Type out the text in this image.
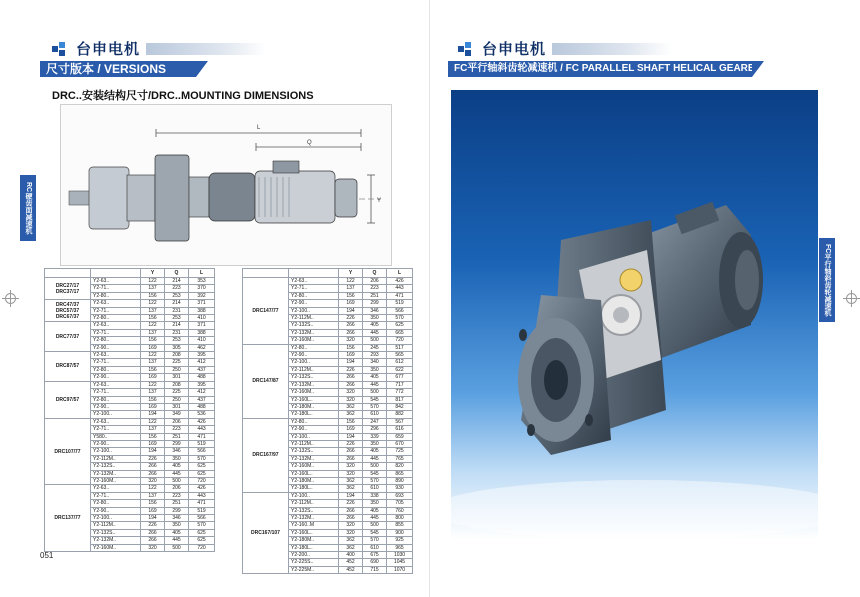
台申电机
尺寸版本 / VERSIONS
DRC..安装结构尺寸/DRC..MOUNTING DIMENSIONS
L
Q
Y
RC硬齿面减速机
		Y	Q	L
DRC27/17
DRC37/17	Y2-63..	122	214	353
	Y2-71..	137	223	370
	Y2-80..	156	253	392
DRC47/37
DRC57/37
DRC67/37	Y2-63..	122	214	371
	Y2-71..	137	231	388
	Y2-80..	156	253	410
DRC77/37	Y2-63..	122	214	371
	Y2-71..	137	231	388
	Y2-80..	156	253	410
	Y2-90..	169	305	462
DRC87/57	Y2-63..	122	208	395
	Y2-71..	137	225	412
	Y2-80..	156	250	437
	Y2-90..	169	301	488
DRC97/57	Y2-63..	122	208	395
	Y2-71..	137	225	412
	Y2-80..	156	250	437
	Y2-90..	169	301	488
	Y2-100..	194	349	536
DRC107/77	Y2-63..	122	206	426
	Y2-71..	137	223	443
	Y580..	156	251	471
	Y2-90..	169	299	519
	Y2-100..	194	346	566
	Y2-112M..	226	350	570
	Y2-132S..	266	405	625
	Y2-132M..	266	445	625
	Y2-160M..	320	500	720
DRC137/77	Y2-63..	122	206	426
	Y2-71..	137	223	443
	Y2-80..	156	251	471
	Y2-90..	169	299	519
	Y2-100..	194	346	566
	Y2-112M..	226	350	570
	Y2-132S..	266	405	625
	Y2-132M..	266	445	625
	Y2-160M..	320	500	720
		Y	Q	L
DRC147/77	Y2-63..	122	206	426
	Y2-71..	137	223	443
	Y2-80..	156	251	471
	Y2-90..	169	299	519
	Y2-100..	194	346	566
	Y2-112M..	226	350	570
	Y2-132S..	266	405	625
	Y2-132M..	266	445	665
	Y2-160M..	320	500	720
DRC147/87	Y2-80..	156	245	517
	Y2-90..	169	293	565
	Y2-100..	194	340	612
	Y2-112M..	226	350	622
	Y2-132S..	266	405	677
	Y2-132M..	266	445	717
	Y2-160M..	320	500	772
	Y2-160L..	320	545	817
	Y2-180M..	362	570	842
	Y2-180L..	362	610	882
DRC167/97	Y2-80..	156	247	567
	Y2-90..	169	296	616
	Y2-100..	194	339	659
	Y2-112M..	226	350	670
	Y2-132S..	266	405	725
	Y2-132M..	266	445	765
	Y2-160M..	320	500	820
	Y2-160L..	320	545	865
	Y2-180M..	362	570	890
	Y2-180L..	362	610	930
DRC167/107	Y2-100..	194	338	693
	Y2-112M..	226	350	705
	Y2-132S..	266	405	760
	Y2-132M..	266	445	800
	Y2-160..M	320	500	855
	Y2-160L..	320	545	900
	Y2-180M..	362	570	925
	Y2-180L..	362	610	965
	Y2-200..	400	675	1030
	Y2-225S..	452	690	1045
	Y2-225M..	452	715	1070
051
台申电机
FC平行轴斜齿轮减速机 / FC PARALLEL SHAFT HELICAL GEARED REDUCER
FC平行轴斜齿轮减速机
